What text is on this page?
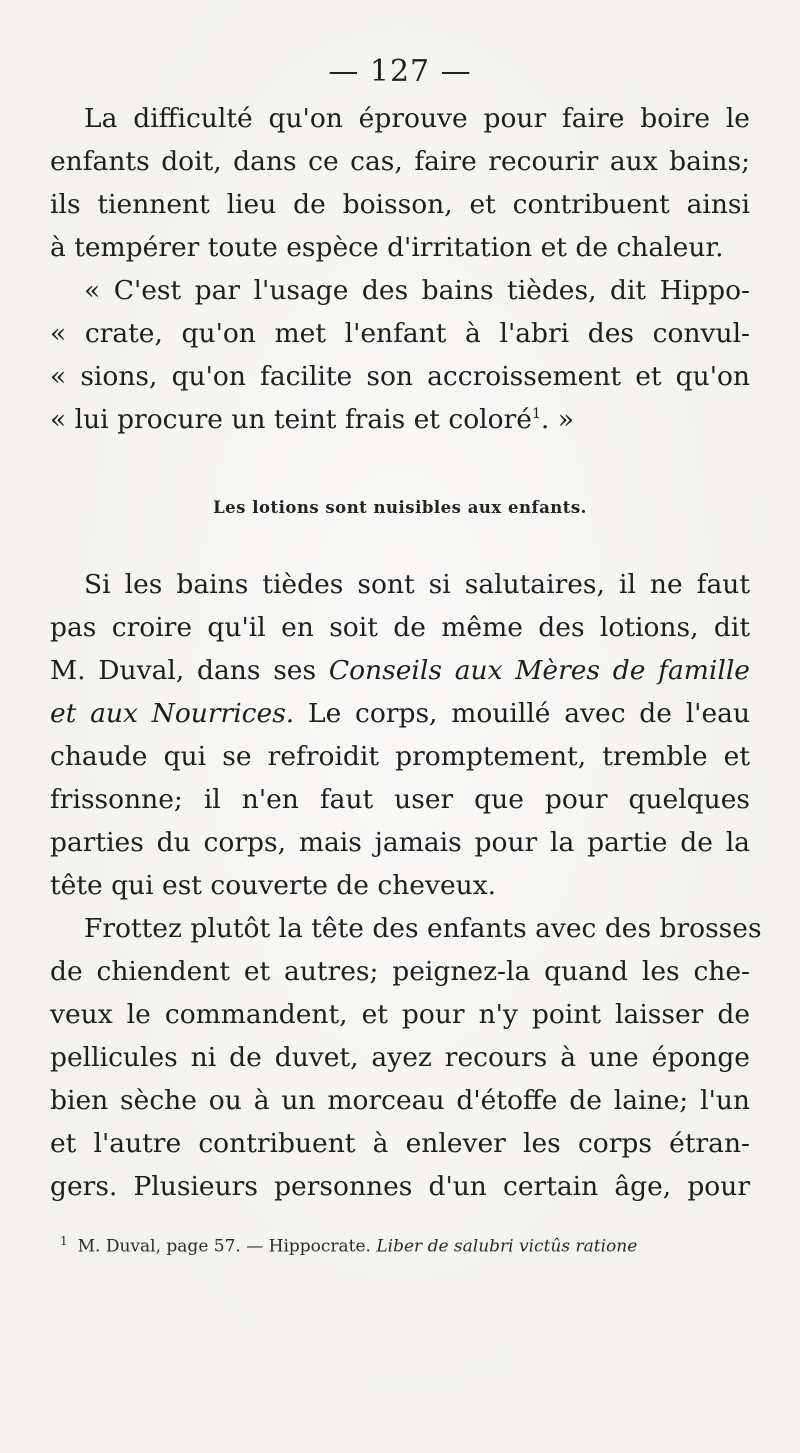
— 127 —
La difficulté qu'on éprouve pour faire boire le
enfants doit, dans ce cas, faire recourir aux bains;
ils tiennent lieu de boisson, et contribuent ainsi
à tempérer toute espèce d'irritation et de chaleur.
« C'est par l'usage des bains tièdes, dit Hippo-
« crate, qu'on met l'enfant à l'abri des convul-
« sions, qu'on facilite son accroissement et qu'on
« lui procure un teint frais et coloré$^1$. »
Les lotions sont nuisibles aux enfants.
Si les bains tièdes sont si salutaires, il ne faut
pas croire qu'il en soit de même des lotions, dit
M. Duval, dans ses Conseils aux Mères de famille
et aux Nourrices. Le corps, mouillé avec de l'eau
chaude qui se refroidit promptement, tremble et
frissonne; il n'en faut user que pour quelques
parties du corps, mais jamais pour la partie de la
tête qui est couverte de cheveux.
Frottez plutôt la tête des enfants avec des brosses
de chiendent et autres; peignez-la quand les che-
veux le commandent, et pour n'y point laisser de
pellicules ni de duvet, ayez recours à une éponge
bien sèche ou à un morceau d'étoffe de laine; l'un
et l'autre contribuent à enlever les corps étran-
gers. Plusieurs personnes d'un certain âge, pour
$^1$ M. Duval, page 57. — Hippocrate. Liber de salubri victûs ratione
